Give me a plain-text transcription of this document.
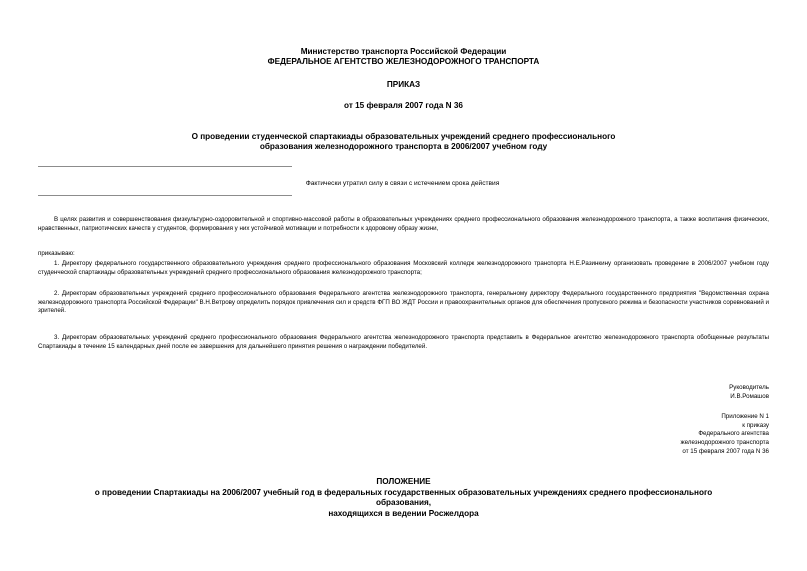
Министерство транспорта Российской Федерации
ФЕДЕРАЛЬНОЕ АГЕНТСТВО ЖЕЛЕЗНОДОРОЖНОГО ТРАНСПОРТА
ПРИКАЗ
от 15 февраля 2007 года N 36
О проведении студенческой спартакиады образовательных учреждений среднего профессионального
образования железнодорожного транспорта в 2006/2007 учебном году
Фактически утратил силу в связи с истечением срока действия

В целях развития и совершенствования физкультурно-оздоровительной и спортивно-массовой работы в образовательных учреждениях среднего профессионального образования железнодорожного транспорта, а также воспитания физических, нравственных, патриотических качеств у студентов, формирования у них устойчивой мотивации и потребности к здоровому образу жизни,

приказываю:

1. Директору федерального государственного образовательного учреждения среднего профессионального образования Московский колледж железнодорожного транспорта Н.Е.Разинкину организовать проведение в 2006/2007 учебном году студенческой спартакиады образовательных учреждений среднего профессионального образования железнодорожного транспорта;

2. Директорам образовательных учреждений среднего профессионального образования Федерального агентства железнодорожного транспорта, генеральному директору Федерального государственного предприятия "Ведомственная охрана железнодорожного транспорта Российской Федерации" В.Н.Ветрову определить порядок привлечения сил и средств ФГП ВО ЖДТ России и правоохранительных органов для обеспечения пропускного режима и безопасности участников соревнований и зрителей.

3. Директорам образовательных учреждений среднего профессионального образования Федерального агентства железнодорожного транспорта представить в Федеральное агентство железнодорожного транспорта обобщенные результаты Спартакиады в течение 15 календарных дней после ее завершения для дальнейшего принятия решения о награждении победителей.

Руководитель
И.В.Ромашов
Приложение N 1
к приказу
Федерального агентства
железнодорожного транспорта
от 15 февраля 2007 года N 36
ПОЛОЖЕНИЕ
о проведении Спартакиады на 2006/2007 учебный год в федеральных государственных образовательных учреждениях среднего профессионального
образования,
находящихся в ведении Росжелдора
